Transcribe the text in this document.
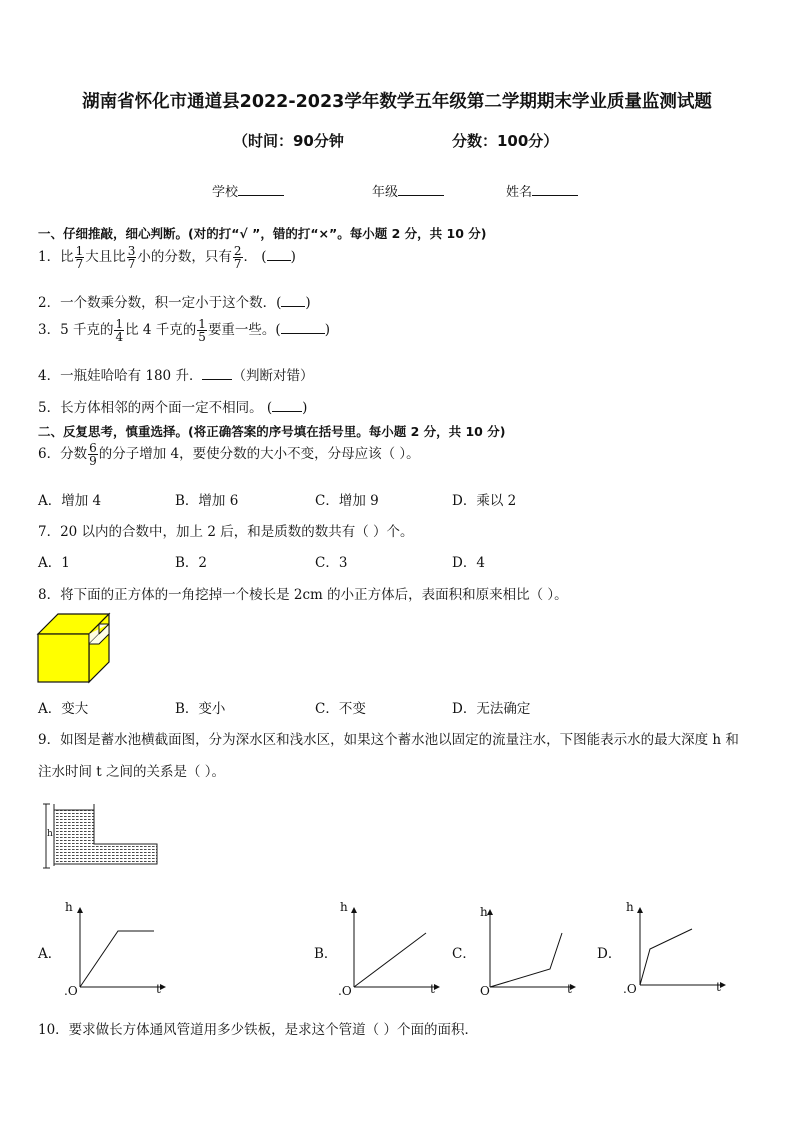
湖南省怀化市通道县2022-2023学年数学五年级第二学期期末学业质量监测试题
（时间：90分钟	分数：100分）
学校	年级	姓名
一、仔细推敲，细心判断。(对的打“√ ”，错的打“×”。每小题 2 分，共 10 分)
1．比 $\frac{1}{7}$ 大且比 $\frac{3}{7}$ 小的分数，只有 $\frac{2}{7}$ ． ( )
2．一个数乘分数，积一定小于这个数．( )
3．5 千克的 $\frac{1}{4}$ 比 4 千克的 $\frac{1}{5}$ 要重一些。(	)
4．一瓶娃哈哈有 180 升． （判断对错）
5．长方体相邻的两个面一定不相同。 ( )
二、反复思考，慎重选择。(将正确答案的序号填在括号里。每小题 2 分，共 10 分)
6．分数 $\frac{6}{9}$ 的分子增加 4，要使分数的大小不变，分母应该（ ）。
A．增加 4	B．增加 6	C．增加 9	D．乘以 2
7．20 以内的合数中，加上 2 后，和是质数的数共有（ ）个。
A．1	B．2	C．3	D．4
8．将下面的正方体的一角挖掉一个棱长是 2cm 的小正方体后，表面积和原来相比（ ）。
A．变大	B．变小	C．不变	D．无法确定
9．如图是蓄水池横截面图，分为深水区和浅水区，如果这个蓄水池以固定的流量注水，下图能表示水的最大深度 h 和
注水时间 t 之间的关系是（ ）。
h
A．
h
t
.O
B．
h
t
.O
C．
h
t
O
D．
h
t
.O
10．要求做长方体通风管道用多少铁板，是求这个管道（ ）个面的面积．
